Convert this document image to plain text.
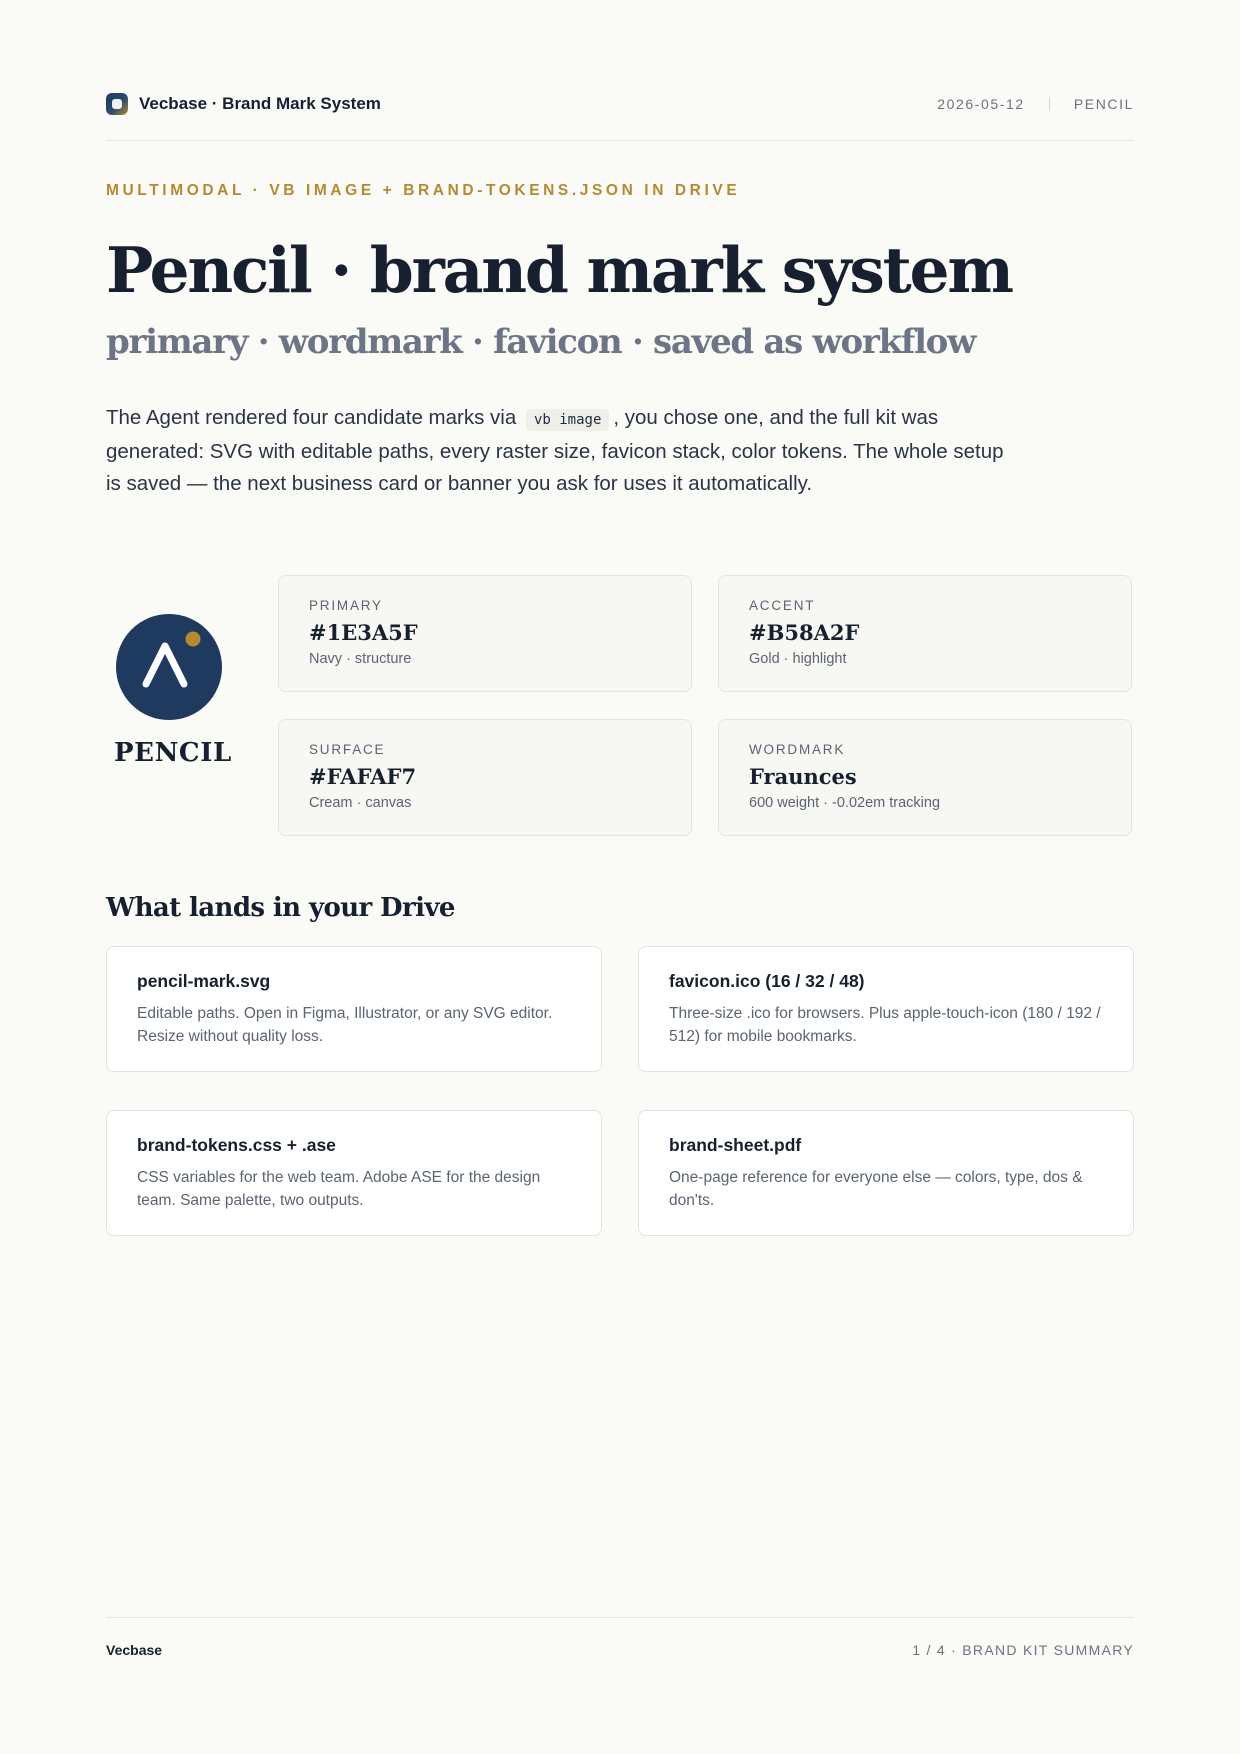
Vecbase · Brand Mark System	2026-05-12	PENCIL
MULTIMODAL · VB IMAGE + BRAND-TOKENS.JSON IN DRIVE
Pencil · brand mark system
primary · wordmark · favicon · saved as workflow

The Agent rendered four candidate marks via vb image , you chose one, and the full kit was generated: SVG with editable paths, every raster size, favicon stack, color tokens. The whole setup is saved — the next business card or banner you ask for uses it automatically.

PENCIL
PRIMARY
#1E3A5F
Navy · structure
ACCENT
#B58A2F
Gold · highlight
SURFACE
#FAFAF7
Cream · canvas
WORDMARK
Fraunces
600 weight · -0.02em tracking
What lands in your Drive
pencil-mark.svg
Editable paths. Open in Figma, Illustrator, or any SVG editor. Resize without quality loss.
favicon.ico (16 / 32 / 48)
Three-size .ico for browsers. Plus apple-touch-icon (180 / 192 / 512) for mobile bookmarks.
brand-tokens.css + .ase
CSS variables for the web team. Adobe ASE for the design team. Same palette, two outputs.
brand-sheet.pdf
One-page reference for everyone else — colors, type, dos & don'ts.
Vecbase	1 / 4 · BRAND KIT SUMMARY
